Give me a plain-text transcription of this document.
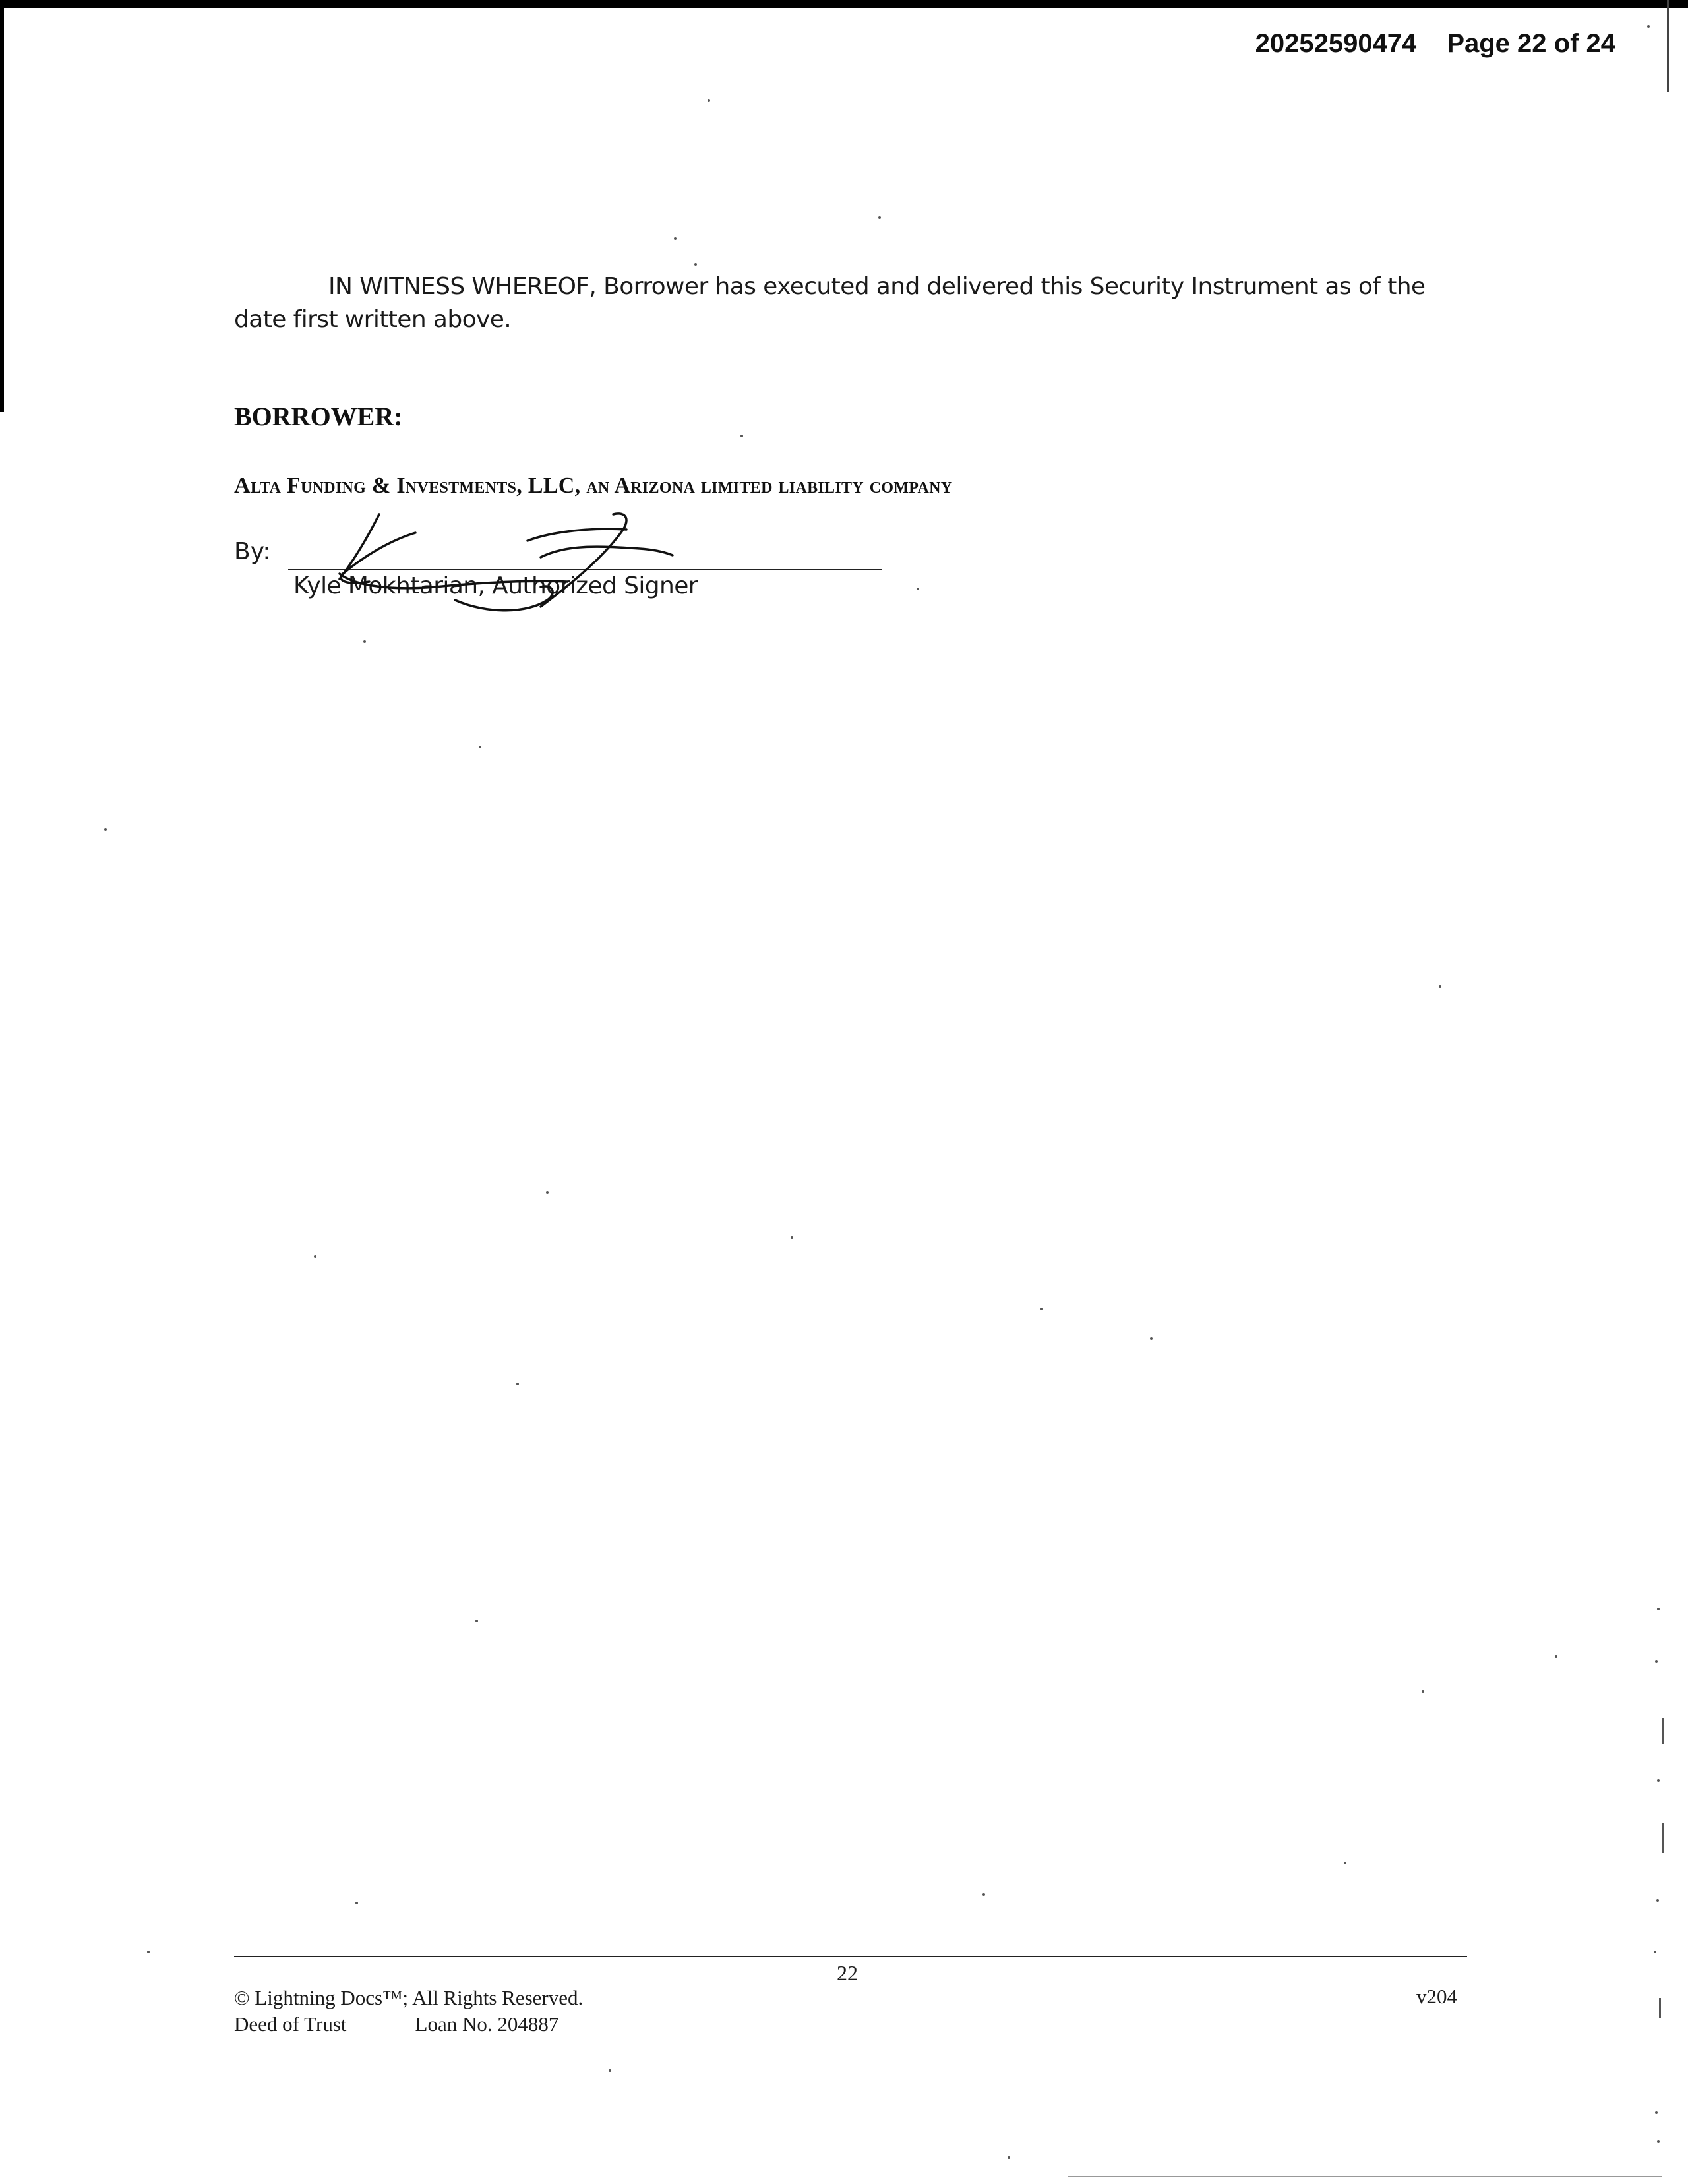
20252590474 Page 22 of 24
IN WITNESS WHEREOF, Borrower has executed and delivered this Security Instrument as of the date first written above.
BORROWER:
Alta Funding & Investments, LLC, an Arizona limited liability company
By:
Kyle Mokhtarian, Authorized Signer
22
© Lightning Docs™; All Rights Reserved.
Deed of Trust	Loan No. 204887
v204
